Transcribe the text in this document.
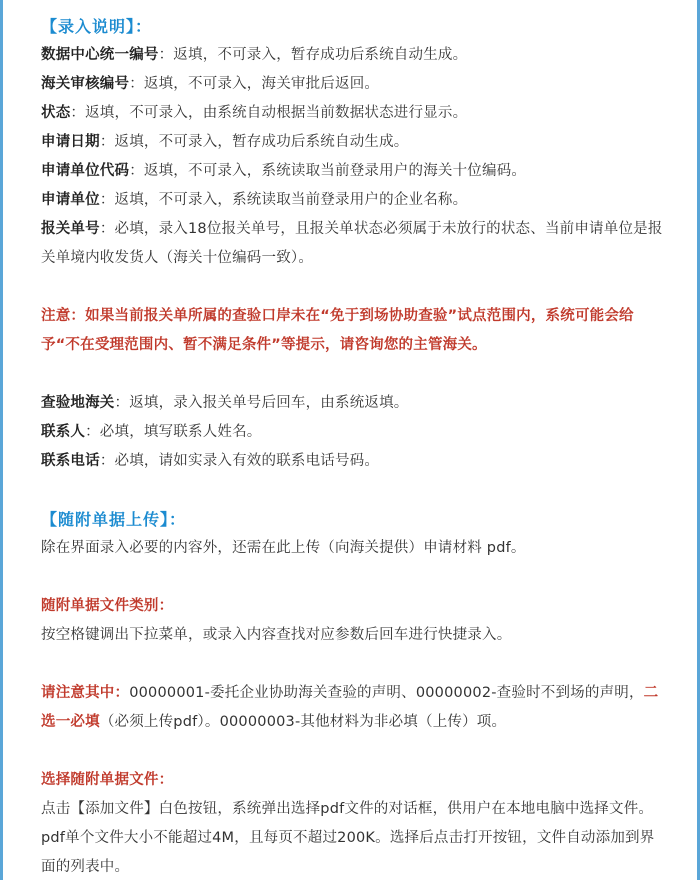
【录入说明】：

数据中心统一编号：返填，不可录入，暂存成功后系统自动生成。

海关审核编号：返填，不可录入，海关审批后返回。

状态：返填，不可录入，由系统自动根据当前数据状态进行显示。

申请日期：返填，不可录入，暂存成功后系统自动生成。

申请单位代码：返填，不可录入，系统读取当前登录用户的海关十位编码。

申请单位：返填，不可录入，系统读取当前登录用户的企业名称。

报关单号：必填，录入18位报关单号，且报关单状态必须属于未放行的状态、当前申请单位是报关单境内收发货人（海关十位编码一致）。

注意：如果当前报关单所属的查验口岸未在“免于到场协助查验”试点范围内，系统可能会给予“不在受理范围内、暂不满足条件”等提示，请咨询您的主管海关。

查验地海关：返填，录入报关单号后回车，由系统返填。

联系人：必填，填写联系人姓名。

联系电话：必填，请如实录入有效的联系电话号码。

【随附单据上传】：

除在界面录入必要的内容外，还需在此上传（向海关提供）申请材料 pdf。

随附单据文件类别：

按空格键调出下拉菜单，或录入内容查找对应参数后回车进行快捷录入。

请注意其中：00000001-委托企业协助海关查验的声明、00000002-查验时不到场的声明，二选一必填（必须上传pdf）。00000003-其他材料为非必填（上传）项。

选择随附单据文件：

点击【添加文件】白色按钮，系统弹出选择pdf文件的对话框，供用户在本地电脑中选择文件。pdf单个文件大小不能超过4M，且每页不超过200K。选择后点击打开按钮，文件自动添加到界面的列表中。
